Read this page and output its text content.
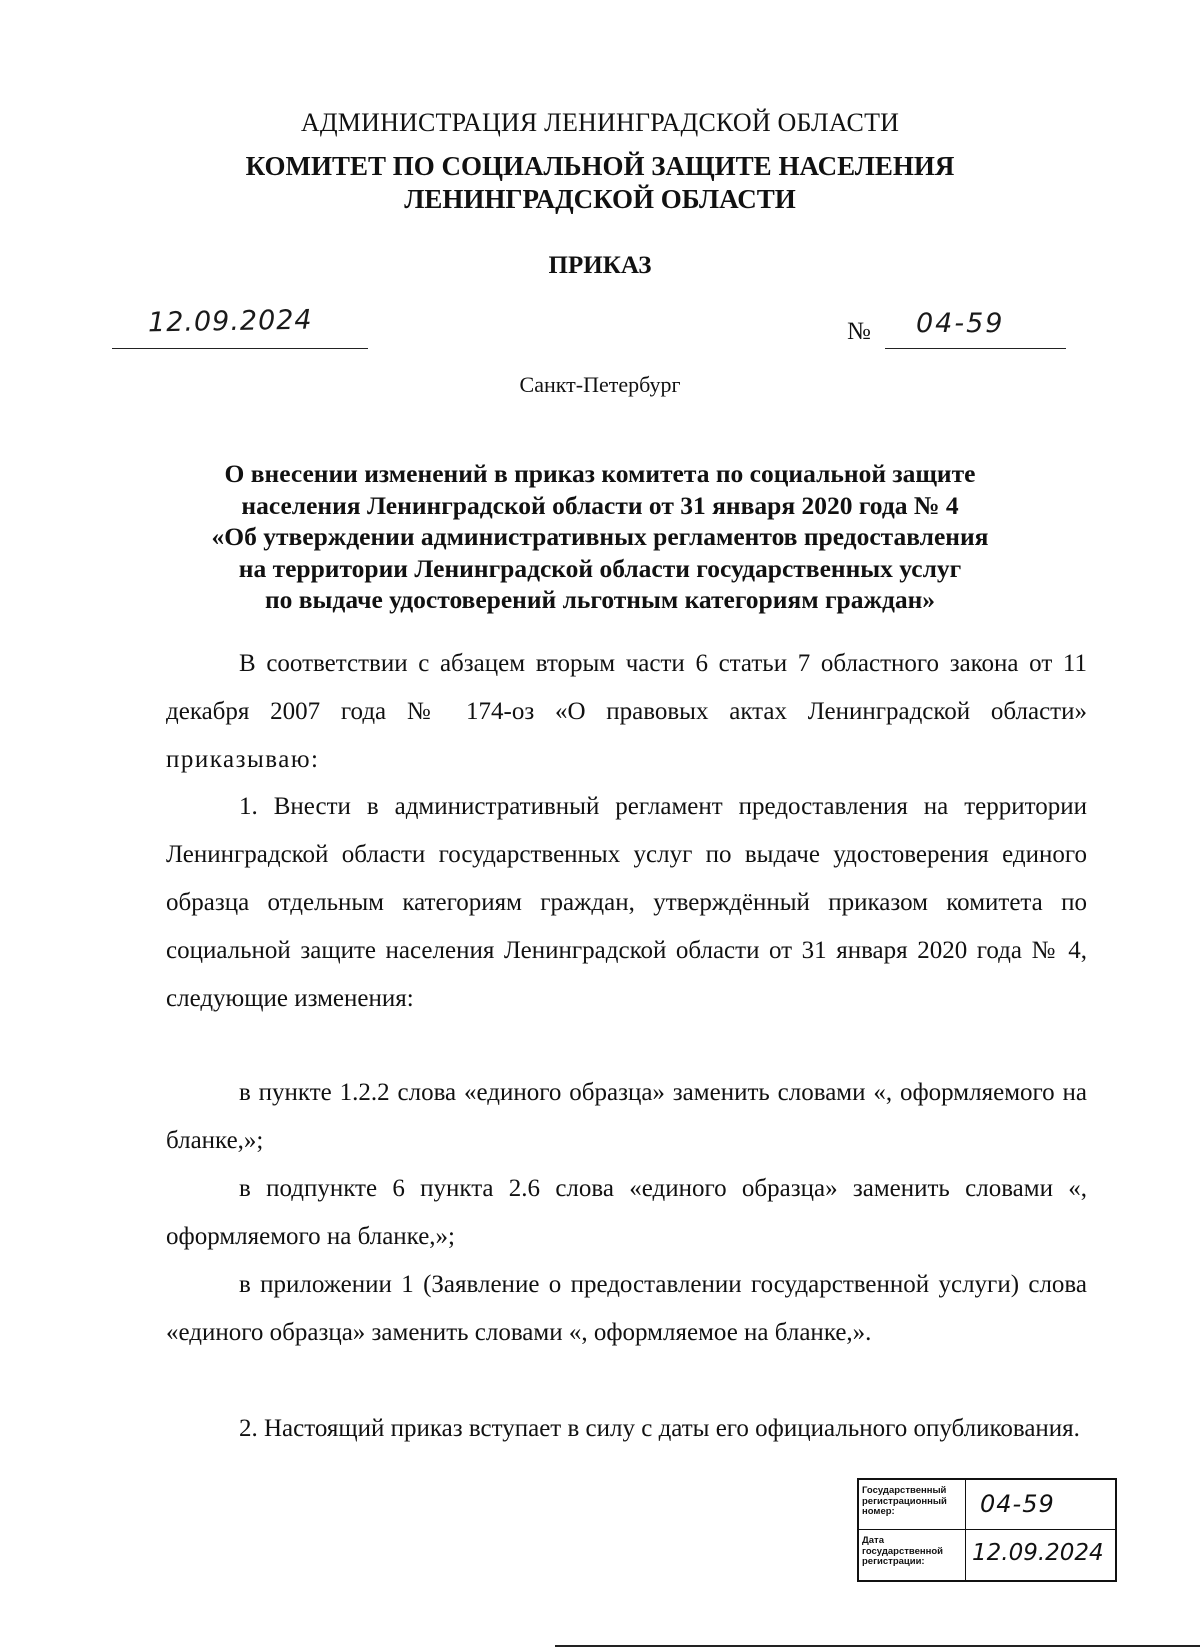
АДМИНИСТРАЦИЯ ЛЕНИНГРАДСКОЙ ОБЛАСТИ
КОМИТЕТ ПО СОЦИАЛЬНОЙ ЗАЩИТЕ НАСЕЛЕНИЯ
ЛЕНИНГРАДСКОЙ ОБЛАСТИ
ПРИКАЗ
12.09.2024	№ 04-59
Санкт-Петербург
О внесении изменений в приказ комитета по социальной защите
населения Ленинградской области от 31 января 2020 года № 4
«Об утверждении административных регламентов предоставления
на территории Ленинградской области государственных услуг
по выдаче удостоверений льготным категориям граждан»

В соответствии с абзацем вторым части 6 статьи 7 областного закона от 11 декабря 2007 года № 174-оз «О правовых актах Ленинградской области» приказываю:

1. Внести в административный регламент предоставления на территории Ленинградской области государственных услуг по выдаче удостоверения единого образца отдельным категориям граждан, утверждённый приказом комитета по социальной защите населения Ленинградской области от 31 января 2020 года № 4, следующие изменения:

в пункте 1.2.2 слова «единого образца» заменить словами «, оформляемого на бланке,»;

в подпункте 6 пункта 2.6 слова «единого образца» заменить словами «, оформляемого на бланке,»;

в приложении 1 (Заявление о предоставлении государственной услуги) слова «единого образца» заменить словами «, оформляемое на бланке,».

2. Настоящий приказ вступает в силу с даты его официального опубликования.

Государственный регистрационный номер:	04-59
Дата государственной регистрации:	12.09.2024
